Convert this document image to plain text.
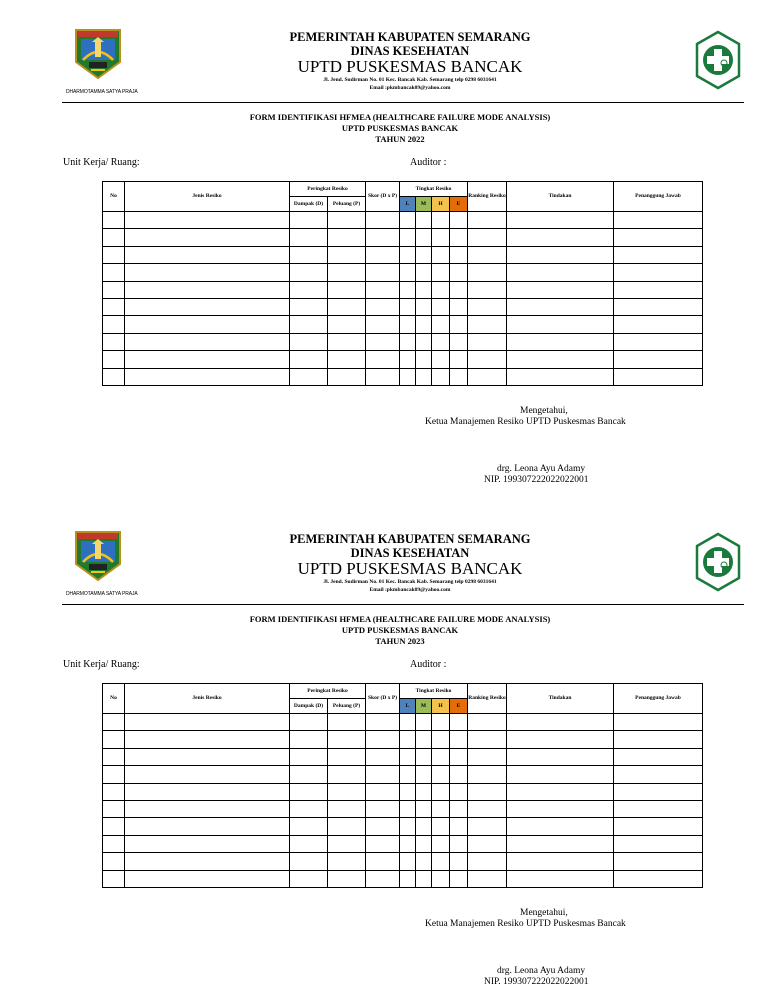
DHARMOTAMMA SATYA PRAJA
PEMERINTAH KABUPATEN SEMARANG
DINAS KESEHATAN
UPTD PUSKESMAS BANCAK
Jl. Jend. Sudirman No. 01 Kec. Bancak Kab. Semarang telp 0298 6031641
Email :pkmbancak09@yahoo.com
FORM IDENTIFIKASI HFMEA (HEALTHCARE FAILURE MODE ANALYSIS)
UPTD PUSKESMAS BANCAK
TAHUN 2022
Unit Kerja/ Ruang:	Auditor :
No	Jenis Resiko	Peringkat Resiko		Skor (D x P)	Tingkat Resiko				Ranking Resiko	Tindakan	Penanggung Jawab
		Dampak (D)	Peluang (P)		L	M	H	E			

Mengetahui,
Ketua Manajemen Resiko UPTD Puskesmas Bancak
drg. Leona Ayu Adamy
NIP. 199307222022022001
DHARMOTAMMA SATYA PRAJA
PEMERINTAH KABUPATEN SEMARANG
DINAS KESEHATAN
UPTD PUSKESMAS BANCAK
Jl. Jend. Sudirman No. 01 Kec. Bancak Kab. Semarang telp 0298 6031641
Email :pkmbancak09@yahoo.com
FORM IDENTIFIKASI HFMEA (HEALTHCARE FAILURE MODE ANALYSIS)
UPTD PUSKESMAS BANCAK
TAHUN 2023
Unit Kerja/ Ruang:	Auditor :
No	Jenis Resiko	Peringkat Resiko		Skor (D x P)	Tingkat Resiko				Ranking Resiko	Tindakan	Penanggung Jawab
		Dampak (D)	Peluang (P)		L	M	H	E			

Mengetahui,
Ketua Manajemen Resiko UPTD Puskesmas Bancak
drg. Leona Ayu Adamy
NIP. 199307222022022001
